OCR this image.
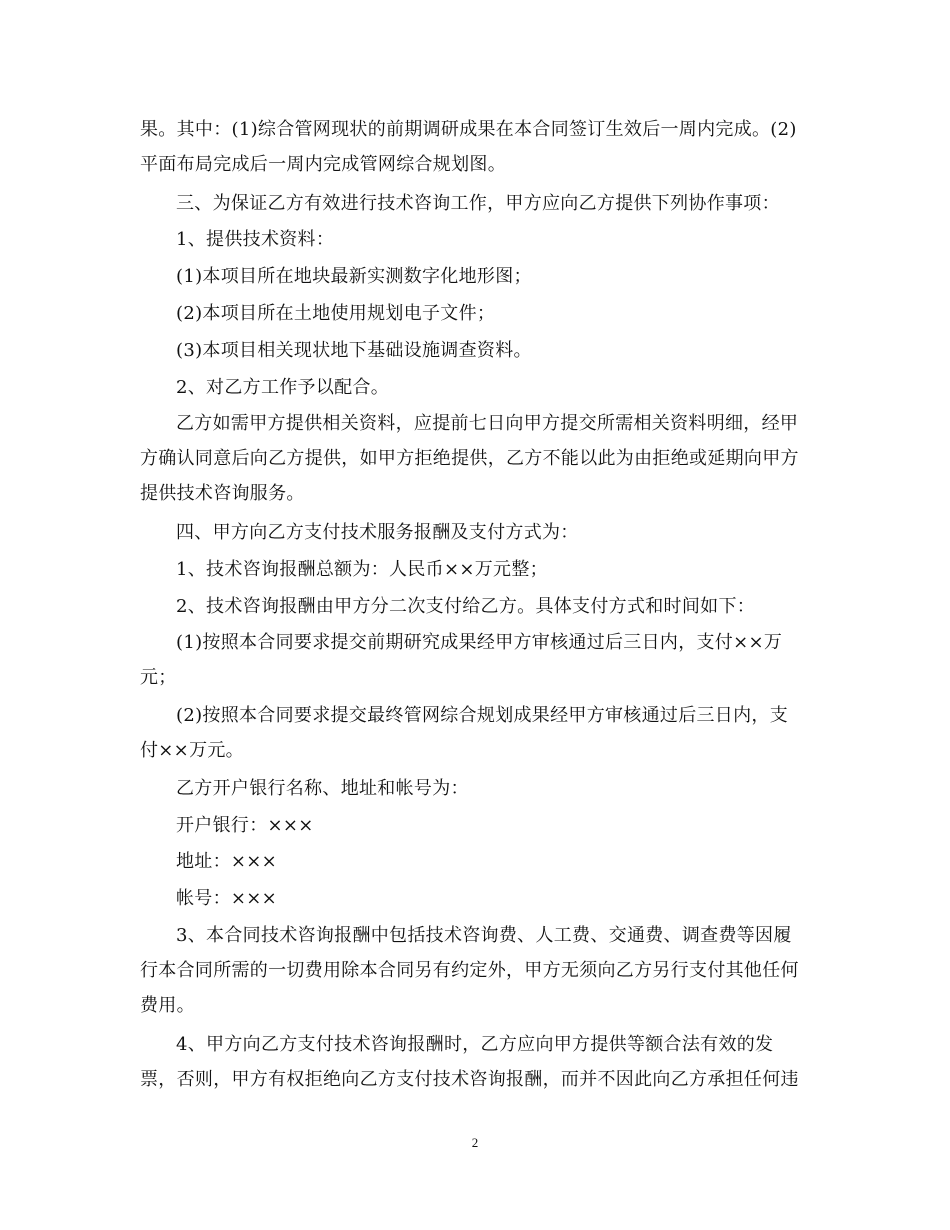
果。其中：(1)综合管网现状的前期调研成果在本合同签订生效后一周内完成。(2)
平面布局完成后一周内完成管网综合规划图。
三、为保证乙方有效进行技术咨询工作，甲方应向乙方提供下列协作事项：
1、提供技术资料：
(1)本项目所在地块最新实测数字化地形图；
(2)本项目所在土地使用规划电子文件；
(3)本项目相关现状地下基础设施调查资料。
2、对乙方工作予以配合。
乙方如需甲方提供相关资料，应提前七日向甲方提交所需相关资料明细，经甲
方确认同意后向乙方提供，如甲方拒绝提供，乙方不能以此为由拒绝或延期向甲方
提供技术咨询服务。
四、甲方向乙方支付技术服务报酬及支付方式为：
1、技术咨询报酬总额为：人民币××万元整；
2、技术咨询报酬由甲方分二次支付给乙方。具体支付方式和时间如下：
(1)按照本合同要求提交前期研究成果经甲方审核通过后三日内，支付××万
元；
(2)按照本合同要求提交最终管网综合规划成果经甲方审核通过后三日内，支
付××万元。
乙方开户银行名称、地址和帐号为：
开户银行：×××
地址：×××
帐号：×××
3、本合同技术咨询报酬中包括技术咨询费、人工费、交通费、调查费等因履
行本合同所需的一切费用除本合同另有约定外，甲方无须向乙方另行支付其他任何
费用。
4、甲方向乙方支付技术咨询报酬时，乙方应向甲方提供等额合法有效的发
票，否则，甲方有权拒绝向乙方支付技术咨询报酬，而并不因此向乙方承担任何违
2
